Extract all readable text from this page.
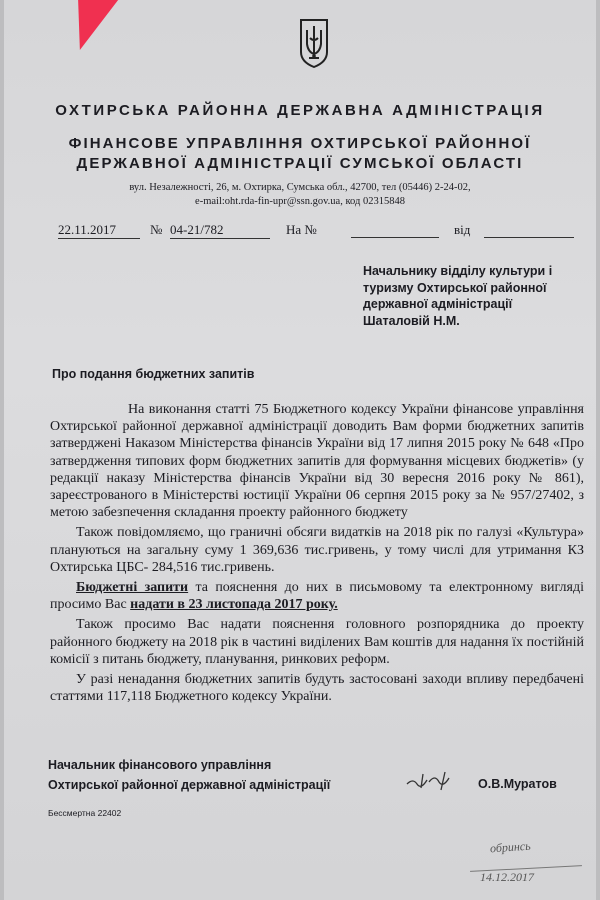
ОХТИРСЬКА РАЙОННА ДЕРЖАВНА АДМІНІСТРАЦІЯ
ФІНАНСОВЕ УПРАВЛІННЯ ОХТИРСЬКОЇ РАЙОННОЇ
ДЕРЖАВНОЇ АДМІНІСТРАЦІЇ СУМСЬКОЇ ОБЛАСТІ
вул. Незалежності, 26, м. Охтирка, Сумська обл., 42700, тел (05446) 2-24-02,
e-mail:oht.rda-fin-upr@ssn.gov.ua, код 02315848
22.11.2017	№ 04-21/782	На №	від
Начальнику відділу культури і
туризму Охтирської районної
державної адміністрації
Шаталовій Н.М.
Про подання бюджетних запитів

На виконання статті 75 Бюджетного кодексу України фінансове управління Охтирської районної державної адміністрації доводить Вам форми бюджетних запитів затверджені Наказом Міністерства фінансів України від 17 липня 2015 року № 648 «Про затвердження типових форм бюджетних запитів для формування місцевих бюджетів» (у редакції наказу Міністерства фінансів України від 30 вересня 2016 року № 861), зареєстрованого в Міністерстві юстиції України 06 серпня 2015 року за № 957/27402, з метою забезпечення складання проекту районного бюджету

Також повідомляємо, що граничні обсяги видатків на 2018 рік по галузі «Культура» плануються на загальну суму 1 369,636 тис.гривень, у тому числі для утримання КЗ Охтирська ЦБС- 284,516 тис.гривень.

Бюджетні запити та пояснення до них в письмовому та електронному вигляді просимо Вас надати в 23 листопада 2017 року.

Також просимо Вас надати пояснення головного розпорядника до проекту районного бюджету на 2018 рік в частині виділених Вам коштів для надання їх постійній комісії з питань бюджету, планування, ринкових реформ.

У разі ненадання бюджетних запитів будуть застосовані заходи впливу передбачені статтями 117,118 Бюджетного кодексу України.

Начальник фінансового управління
Охтирської районної державної адміністрації	О.В.Муратов
Бессмертна 22402
обринсь
14.12.2017
